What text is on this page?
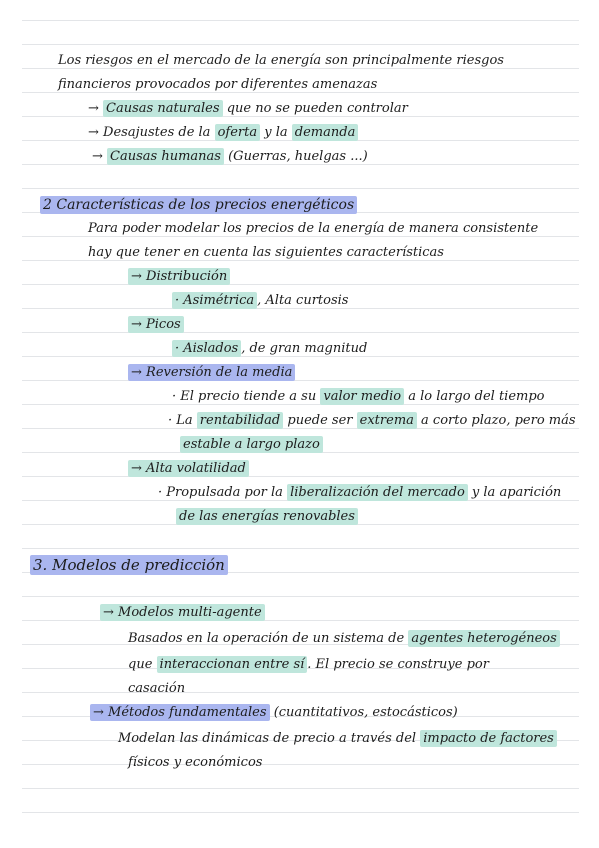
Los riesgos en el mercado de la energía son principalmente riesgos
financieros provocados por diferentes amenazas
→ Causas naturales que no se pueden controlar
→ Desajustes de la oferta y la demanda
→ Causas humanas (Guerras, huelgas ...)
2 Características de los precios energéticos
Para poder modelar los precios de la energía de manera consistente
hay que tener en cuenta las siguientes características
→ Distribución
· Asimétrica , Alta curtosis
→ Picos
· Aislados , de gran magnitud
→ Reversión de la media
· El precio tiende a su valor medio a lo largo del tiempo
· La rentabilidad puede ser extrema a corto plazo, pero más
estable a largo plazo
→ Alta volatilidad
· Propulsada por la liberalización del mercado y la aparición
de las energías renovables
3. Modelos de predicción
→ Modelos multi-agente
Basados en la operación de un sistema de agentes heterogéneos
que interaccionan entre sí . El precio se construye por
casación
→ Métodos fundamentales (cuantitativos, estocásticos)
Modelan las dinámicas de precio a través del impacto de factores
físicos y económicos
